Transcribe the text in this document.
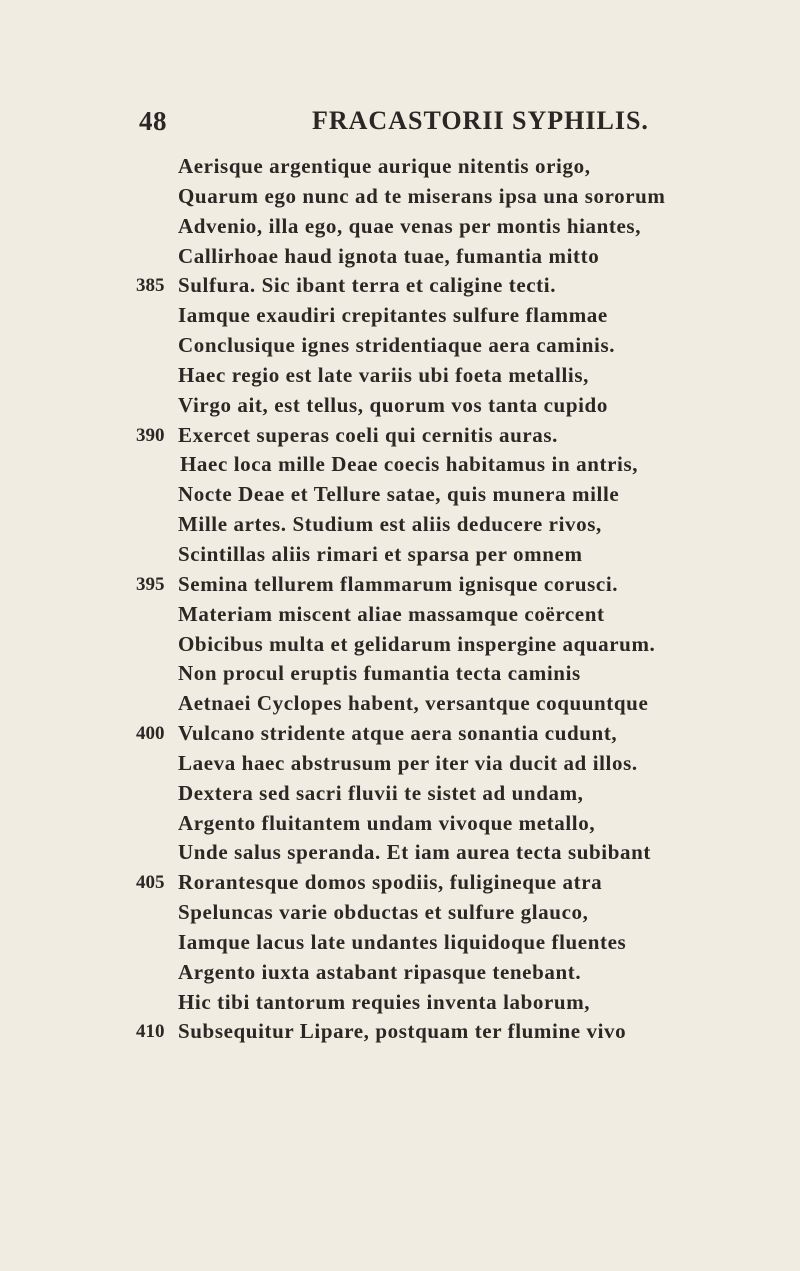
48	FRACASTORII SYPHILIS.
Aerisque argentique aurique nitentis origo,
Quarum ego nunc ad te miserans ipsa una sororum
Advenio, illa ego, quae venas per montis hiantes,
Callirhoae haud ignota tuae, fumantia mitto
385 Sulfura. Sic ibant terra et caligine tecti.
Iamque exaudiri crepitantes sulfure flammae
Conclusique ignes stridentiaque aera caminis.
Haec regio est late variis ubi foeta metallis,
Virgo ait, est tellus, quorum vos tanta cupido
390 Exercet superas coeli qui cernitis auras.
Haec loca mille Deae coecis habitamus in antris,
Nocte Deae et Tellure satae, quis munera mille
Mille artes. Studium est aliis deducere rivos,
Scintillas aliis rimari et sparsa per omnem
395 Semina tellurem flammarum ignisque corusci.
Materiam miscent aliae massamque coërcent
Obicibus multa et gelidarum inspergine aquarum.
Non procul eruptis fumantia tecta caminis
Aetnaei Cyclopes habent, versantque coquuntque
400 Vulcano stridente atque aera sonantia cudunt,
Laeva haec abstrusum per iter via ducit ad illos.
Dextera sed sacri fluvii te sistet ad undam,
Argento fluitantem undam vivoque metallo,
Unde salus speranda. Et iam aurea tecta subibant
405 Rorantesque domos spodiis, fuligineque atra
Speluncas varie obductas et sulfure glauco,
Iamque lacus late undantes liquidoque fluentes
Argento iuxta astabant ripasque tenebant.
Hic tibi tantorum requies inventa laborum,
410 Subsequitur Lipare, postquam ter flumine vivo
